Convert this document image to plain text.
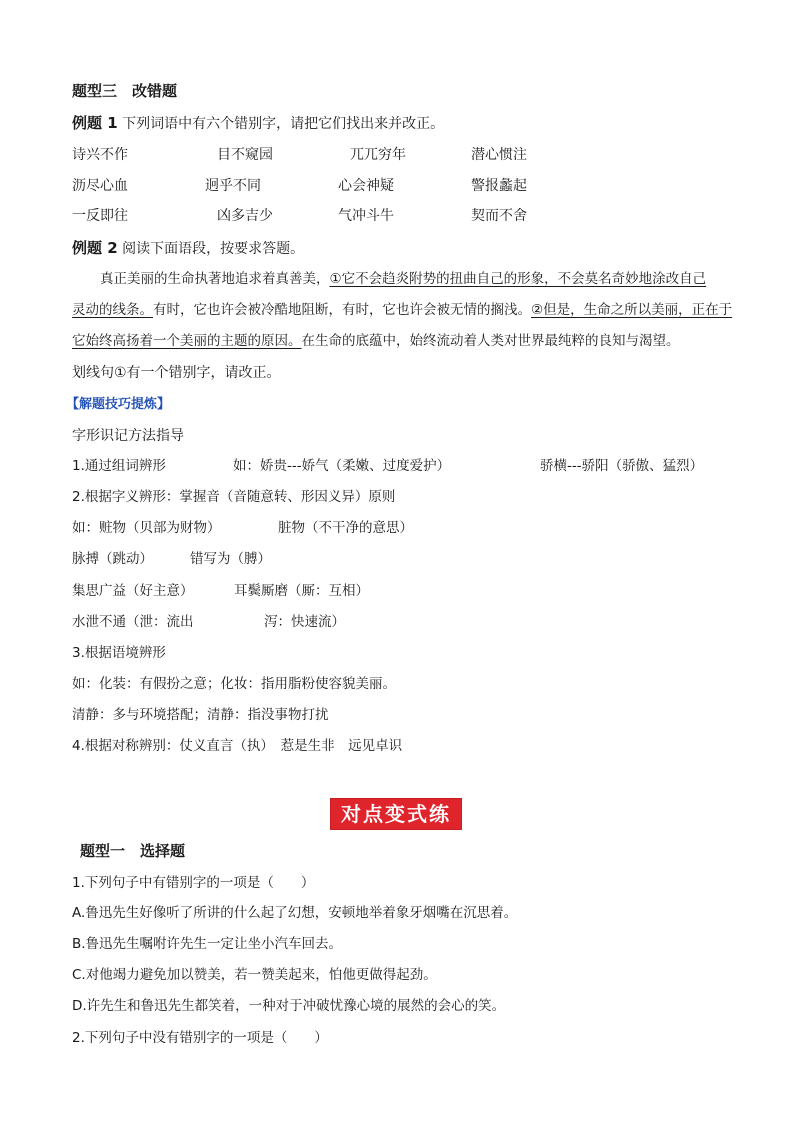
题型三　改错题
例题 1 下列词语中有六个错别字，请把它们找出来并改正。
诗兴不作	目不窥园	兀兀穷年	潜心惯注
沥尽心血	迥乎不同	心会神疑	警报蠡起
一反即往	凶多吉少	气冲斗牛	契而不舍
例题 2 阅读下面语段，按要求答题。
真正美丽的生命执著地追求着真善美，①它不会趋炎附势的扭曲自己的形象，不会莫名奇妙地涂改自己
灵动的线条。有时，它也许会被冷酷地阻断，有时，它也许会被无情的搁浅。②但是，生命之所以美丽，正在于
它始终高扬着一个美丽的主题的原因。在生命的底蕴中，始终流动着人类对世界最纯粹的良知与渴望。
划线句①有一个错别字，请改正。
【解题技巧提炼】
字形识记方法指导
1.通过组词辨形	如：娇贵---娇气（柔嫩、过度爱护）	骄横---骄阳（骄傲、猛烈）
2.根据字义辨形：掌握音（音随意转、形因义异）原则
如：赃物（贝部为财物）	脏物（不干净的意思）
脉搏（跳动）	错写为（膊）
集思广益（好主意）	耳鬓厮磨（厮：互相）
水泄不通（泄：流出	泻：快速流）
3.根据语境辨形
如：化装：有假扮之意；化妆：指用脂粉使容貌美丽。
清静：多与环境搭配；清静：指没事物打扰
4.根据对称辨别：仗义直言（执）　惹是生非　远见卓识
对点变式练
题型一　选择题
1.下列句子中有错别字的一项是（　　）
A.鲁迅先生好像听了所讲的什么起了幻想，安顿地举着象牙烟嘴在沉思着。
B.鲁迅先生嘱咐许先生一定让坐小汽车回去。
C.对他竭力避免加以赞美，若一赞美起来，怕他更做得起劲。
D.许先生和鲁迅先生都笑着，一种对于冲破忧豫心境的展然的会心的笑。
2.下列句子中没有错别字的一项是（　　）
